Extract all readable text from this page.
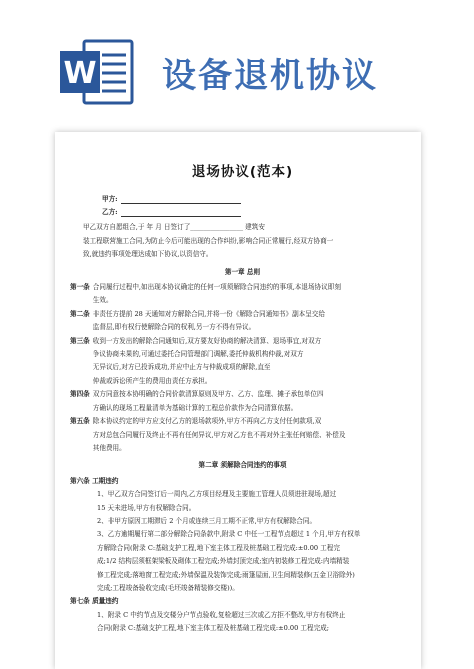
W 设备退机协议
退场协议(范本)
甲方:
乙方:
甲乙双方自愿组合,于 年 月 日签订了________________ 建筑安
装工程联营施工合同,为防止今后可能出现的合作纠纷,影响合同正常履行,经双方协商一
致,就违约事项处理达成如下协议,以资信守。
第一章 总则
第一条 合同履行过程中,如出现本协议确定的任何一项须解除合同违约的事项,本退场协议即刻
生效。
第二条 非责任方提前 28 天通知对方解除合同,并将一份《解除合同通知书》副本呈交给
监督层,即有权行使解除合同的权利,另一方不得有异议。
第三条 收到一方发出的解除合同通知后,双方要友好协商的解决清算、退场事宜,对双方
争议协商未果的,可通过委托合同管理部门调解,委托仲裁机构仲裁,对双方
无异议后,对方已投诉成功,并应中止方与仲裁成项的解除,直至
仲裁或诉讼所产生的费用由责任方承担。
第四条 双方同意按本协明确的合同价款清算原则及甲方、乙方、监理、摊子承包单位四
方确认的现场工程量清单为基础计算的工程总价款作为合同清算依据。
第五条 除本协议约定的甲方应支付乙方的退场款项外,甲方不再向乙方支付任何款项,双
方对总包合同履行及终止不再有任何异议,甲方对乙方也不再对外主张任何赔偿、补偿及
其他费用。
第二章 须解除合同违约的事项
第六条 工期违约
1、甲乙双方合同签订后一周内,乙方项目经理及主要施工管理人员须进驻现场,超过
15 天未进场,甲方有权解除合同。
2、非甲方原因工期滞后 2 个月或连续三月工期不正常,甲方有权解除合同。
3、乙方逾期履行第二部分解除合同条款中,附录 C 中任一工程节点超过 1 个月,甲方有权单
方解除合同(附录 C:基础支护工程,地下室主体工程及桩基础工程完成:±0.00 工程完
成;1/2 结构层须框架梁板及砌体工程完成;外墙封顶完成;室内初装修工程完成:内墙精装
修工程完成;落地窗工程完成;外墙保温及装饰完成;雨篷屋面,卫生间精装修(五金卫浴除外)
完成;工程竣备验收完成(毛坯竣备精装修交楼))。
第七条 质量违约
1、附录 C 中约节点及交楼分户节点验收,复检超过三次或乙方拒不整改,甲方有权终止
合同(附录 C:基础支护工程,地下室主体工程及桩基础工程完成:±0.00 工程完成;
